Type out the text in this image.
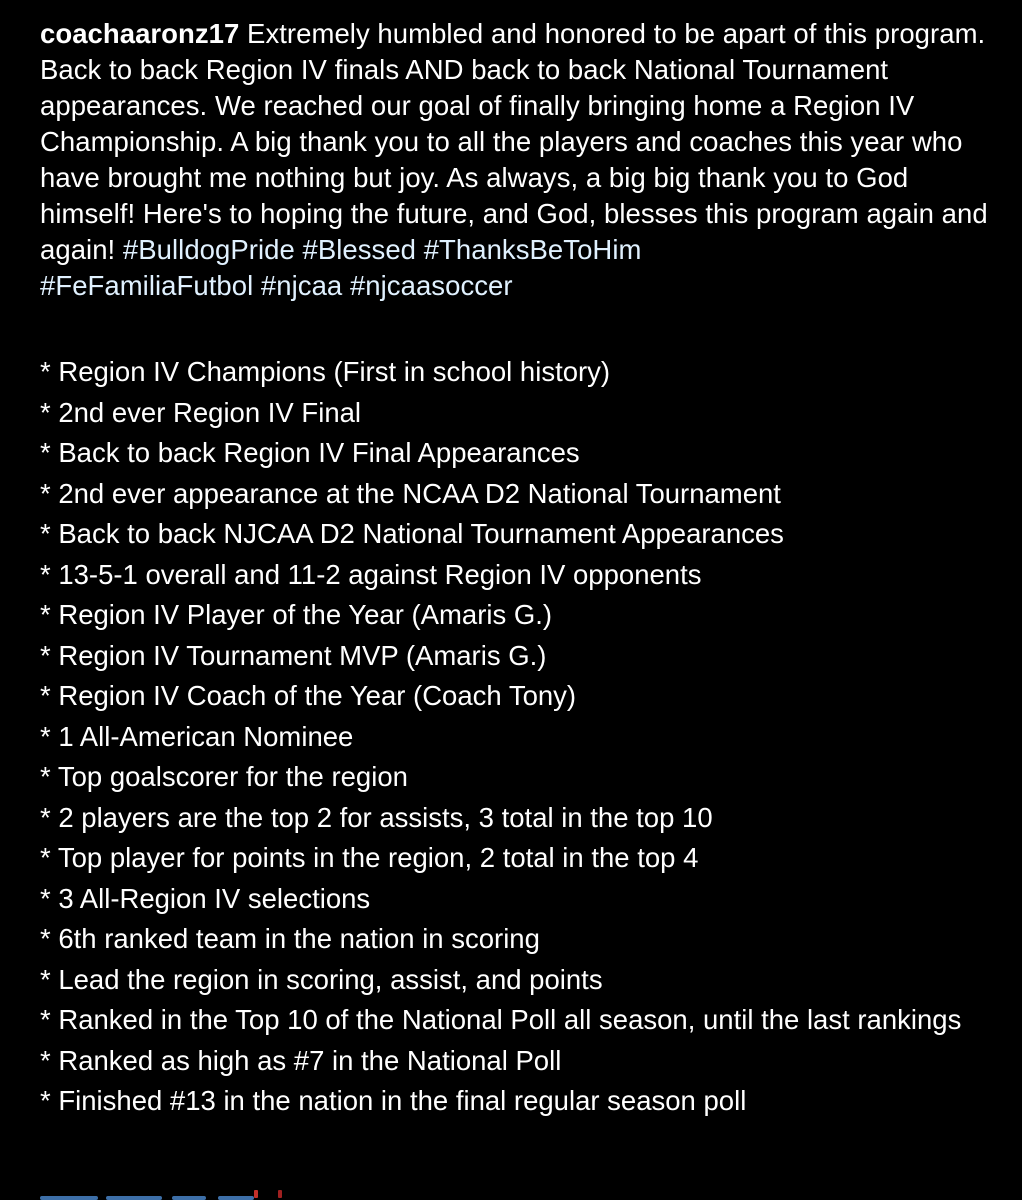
coachaaronz17 Extremely humbled and honored to be apart of this program. Back to back Region IV finals AND back to back National Tournament appearances. We reached our goal of finally bringing home a Region IV Championship. A big thank you to all the players and coaches this year who have brought me nothing but joy. As always, a big big thank you to God himself! Here's to hoping the future, and God, blesses this program again and again! #BulldogPride #Blessed #ThanksBeToHim
#FeFamiliaFutbol #njcaa #njcaasoccer

* Region IV Champions (First in school history)
* 2nd ever Region IV Final
* Back to back Region IV Final Appearances
* 2nd ever appearance at the NCAA D2 National Tournament
* Back to back NJCAA D2 National Tournament Appearances
* 13-5-1 overall and 11-2 against Region IV opponents
* Region IV Player of the Year (Amaris G.)
* Region IV Tournament MVP (Amaris G.)
* Region IV Coach of the Year (Coach Tony)
* 1 All-American Nominee
* Top goalscorer for the region
* 2 players are the top 2 for assists, 3 total in the top 10
* Top player for points in the region, 2 total in the top 4
* 3 All-Region IV selections
* 6th ranked team in the nation in scoring
* Lead the region in scoring, assist, and points
* Ranked in the Top 10 of the National Poll all season, until the last rankings
* Ranked as high as #7 in the National Poll
* Finished #13 in the nation in the final regular season poll
